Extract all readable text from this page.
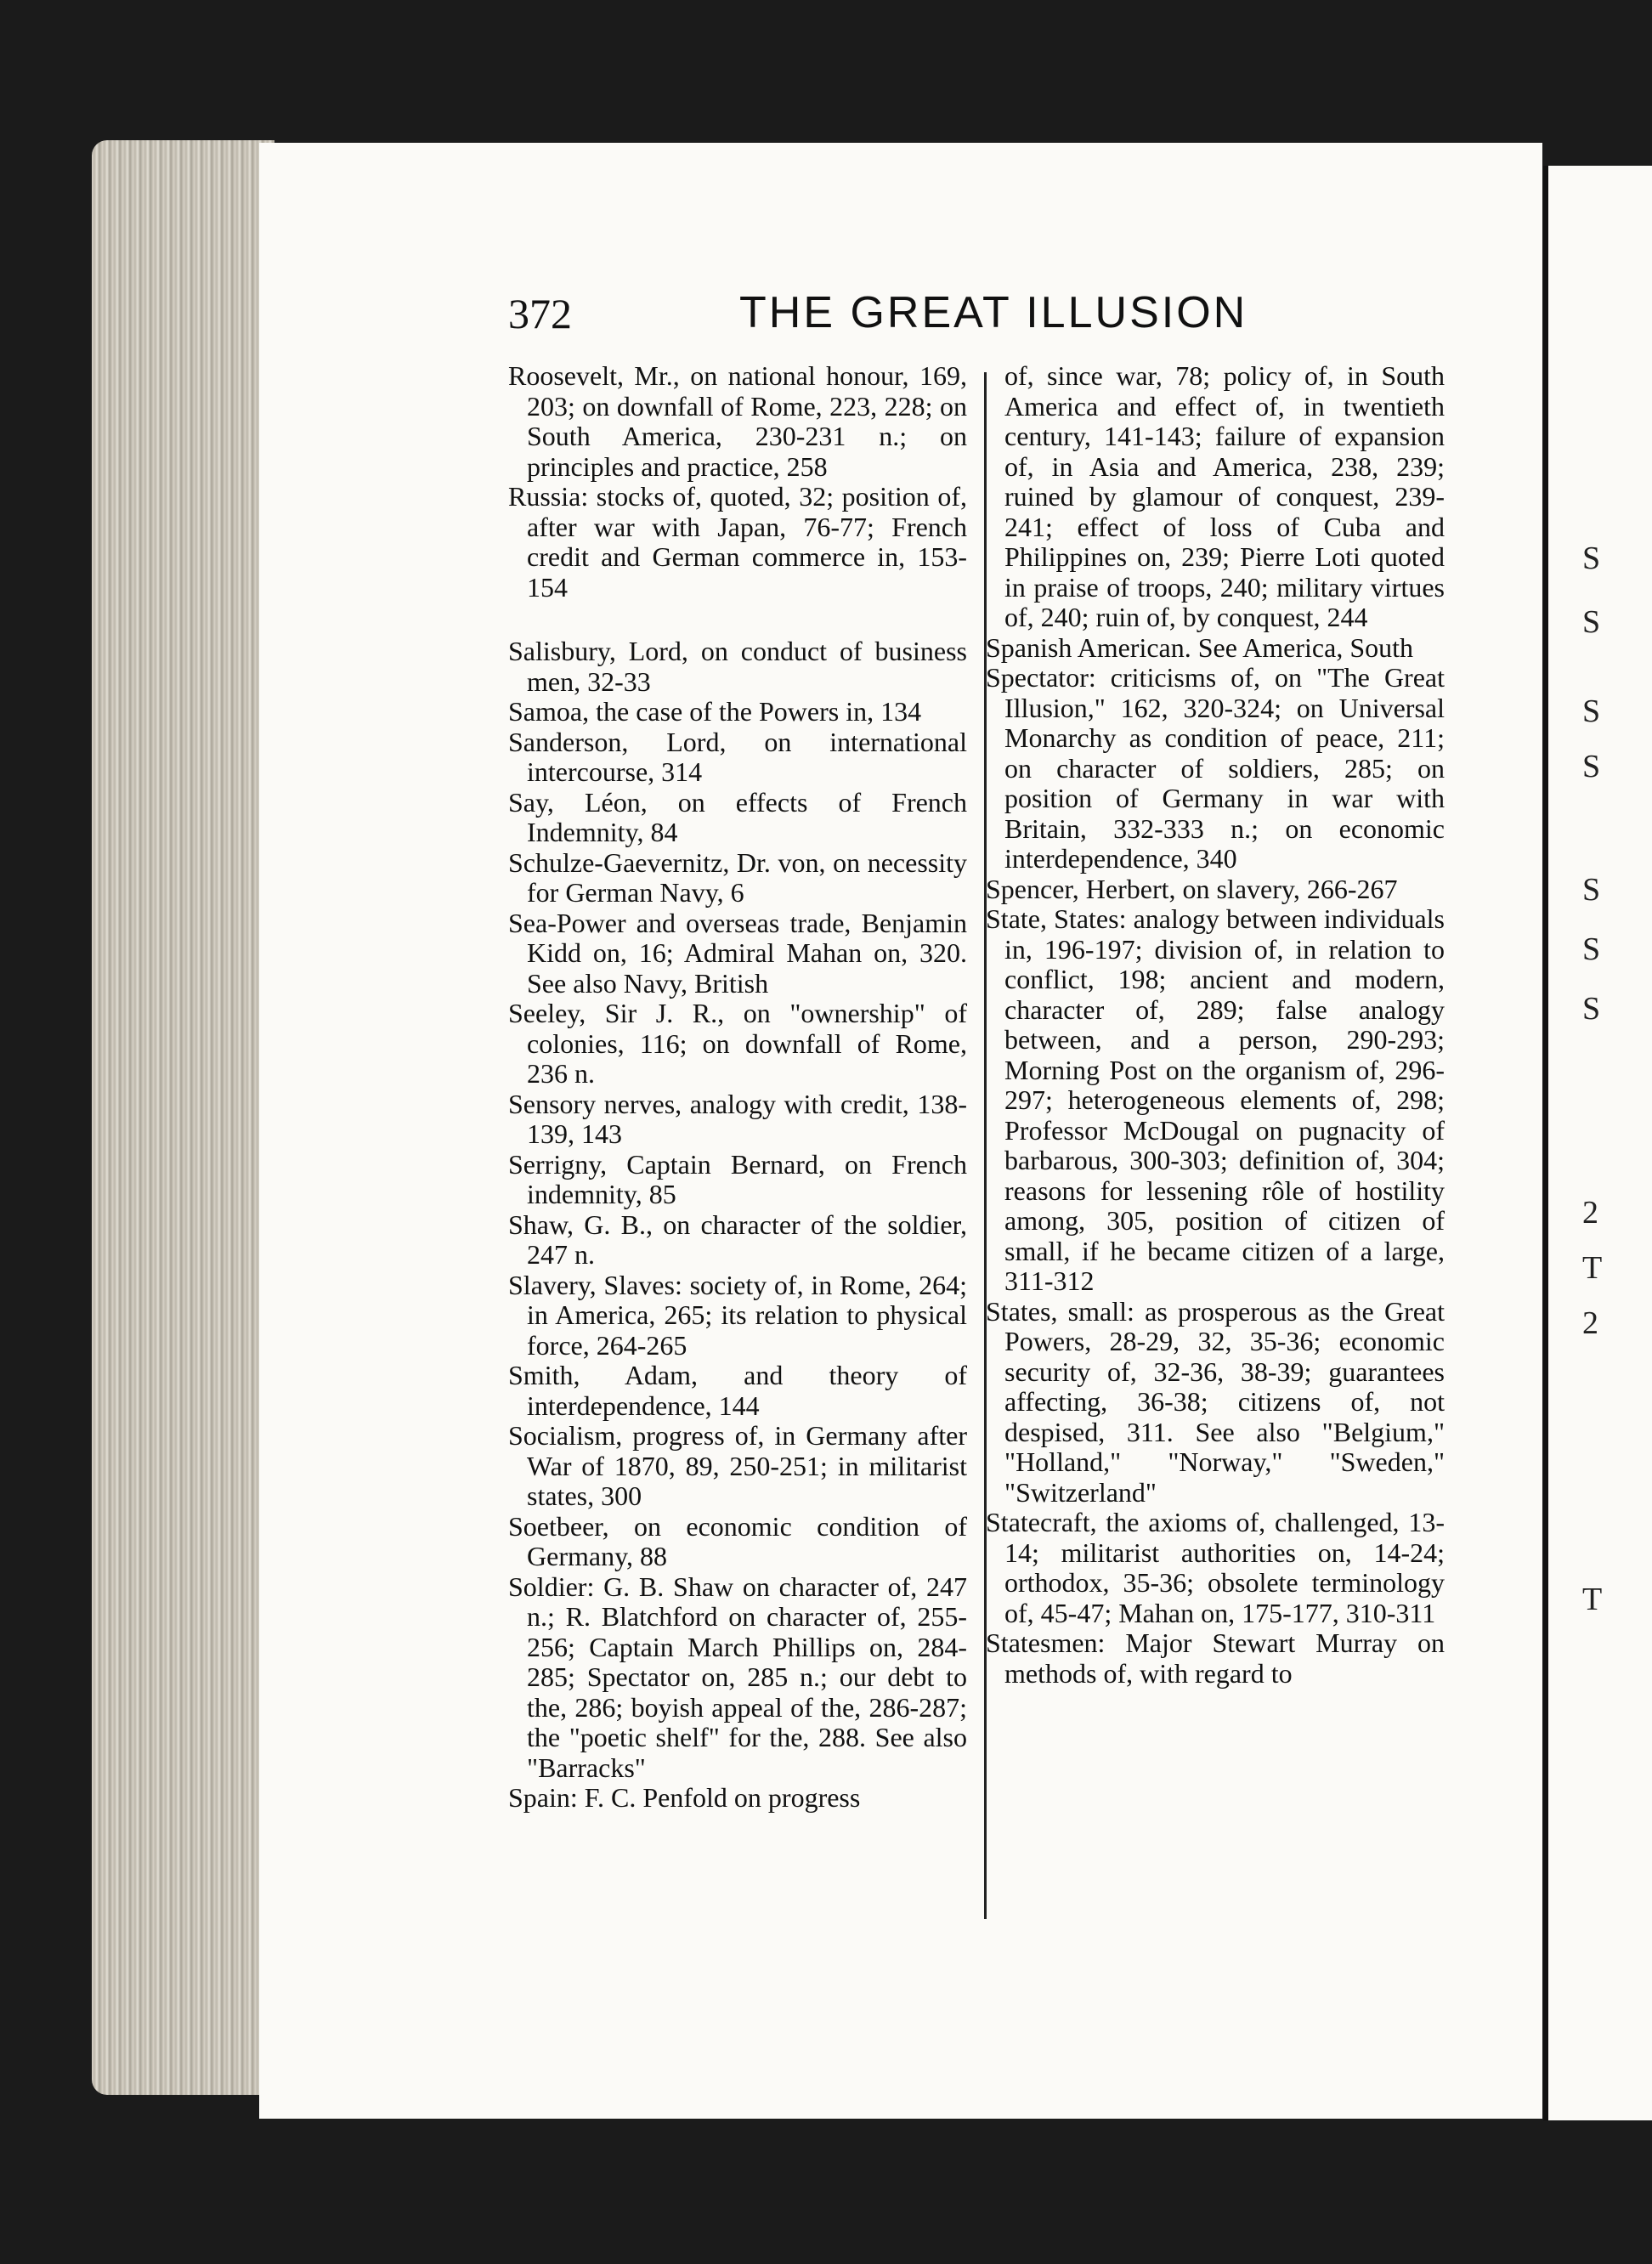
S
S
S
S
S
S
S
2
T
2
T
372	THE GREAT ILLUSION

Roosevelt, Mr., on national honour, 169, 203; on downfall of Rome, 223, 228; on South America, 230-231 n.; on principles and practice, 258

Russia: stocks of, quoted, 32; position of, after war with Japan, 76-77; French credit and German commerce in, 153-154

Salisbury, Lord, on conduct of business men, 32-33

Samoa, the case of the Powers in, 134

Sanderson, Lord, on international intercourse, 314

Say, Léon, on effects of French Indemnity, 84

Schulze-Gaevernitz, Dr. von, on necessity for German Navy, 6

Sea-Power and overseas trade, Benjamin Kidd on, 16; Admiral Mahan on, 320. See also Navy, British

Seeley, Sir J. R., on "ownership" of colonies, 116; on downfall of Rome, 236 n.

Sensory nerves, analogy with credit, 138-139, 143

Serrigny, Captain Bernard, on French indemnity, 85

Shaw, G. B., on character of the soldier, 247 n.

Slavery, Slaves: society of, in Rome, 264; in America, 265; its relation to physical force, 264-265

Smith, Adam, and theory of interdependence, 144

Socialism, progress of, in Germany after War of 1870, 89, 250-251; in militarist states, 300

Soetbeer, on economic condition of Germany, 88

Soldier: G. B. Shaw on character of, 247 n.; R. Blatchford on character of, 255-256; Captain March Phillips on, 284-285; Spectator on, 285 n.; our debt to the, 286; boyish appeal of the, 286-287; the "poetic shelf" for the, 288. See also "Barracks"

Spain: F. C. Penfold on progress

of, since war, 78; policy of, in South America and effect of, in twentieth century, 141-143; failure of expansion of, in Asia and America, 238, 239; ruined by glamour of conquest, 239-241; effect of loss of Cuba and Philippines on, 239; Pierre Loti quoted in praise of troops, 240; military virtues of, 240; ruin of, by conquest, 244

Spanish American. See America, South

Spectator: criticisms of, on "The Great Illusion," 162, 320-324; on Universal Monarchy as condition of peace, 211; on character of soldiers, 285; on position of Germany in war with Britain, 332-333 n.; on economic interdependence, 340

Spencer, Herbert, on slavery, 266-267

State, States: analogy between individuals in, 196-197; division of, in relation to conflict, 198; ancient and modern, character of, 289; false analogy between, and a person, 290-293; Morning Post on the organism of, 296-297; heterogeneous elements of, 298; Professor McDougal on pugnacity of barbarous, 300-303; definition of, 304; reasons for lessening rôle of hostility among, 305, position of citizen of small, if he became citizen of a large, 311-312

States, small: as prosperous as the Great Powers, 28-29, 32, 35-36; economic security of, 32-36, 38-39; guarantees affecting, 36-38; citizens of, not despised, 311. See also "Belgium," "Holland," "Norway," "Sweden," "Switzerland"

Statecraft, the axioms of, challenged, 13-14; militarist authorities on, 14-24; orthodox, 35-36; obsolete terminology of, 45-47; Mahan on, 175-177, 310-311

Statesmen: Major Stewart Murray on methods of, with regard to
